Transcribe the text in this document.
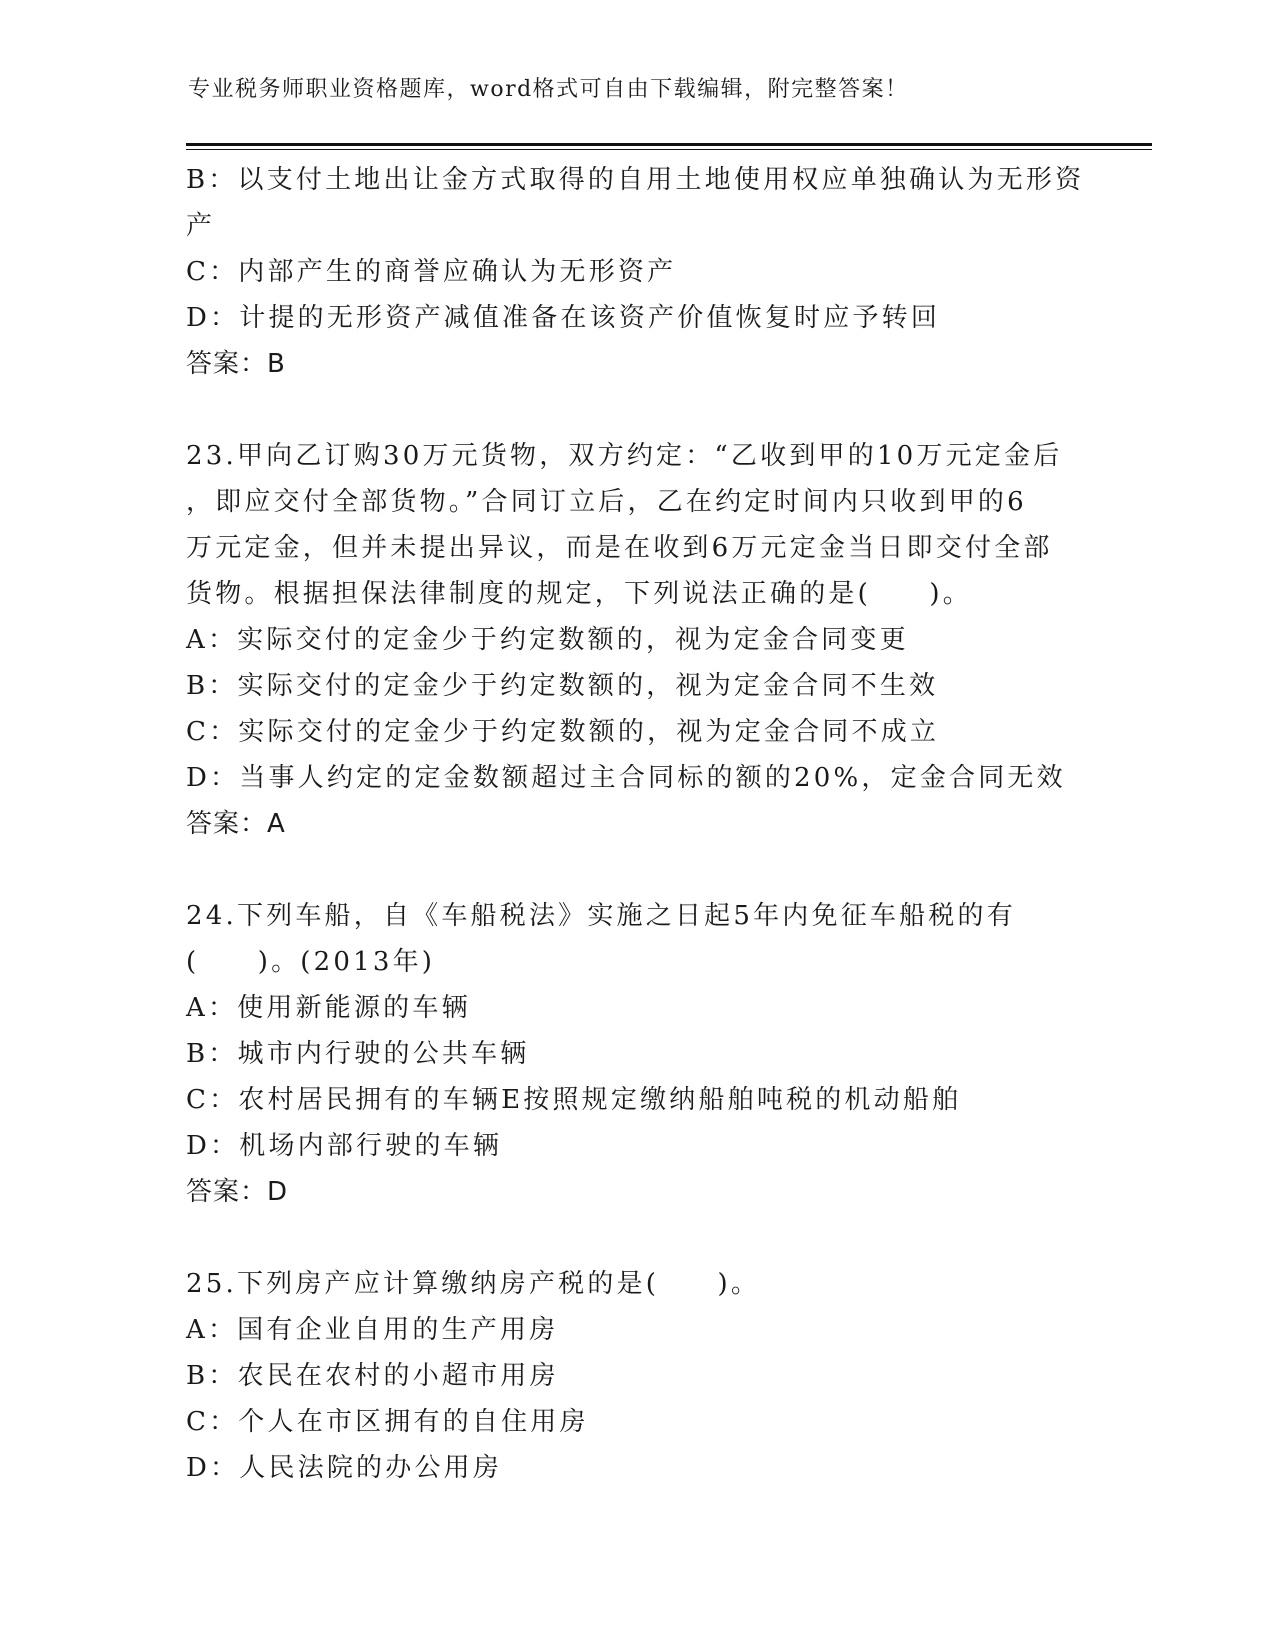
专业税务师职业资格题库，word格式可自由下载编辑，附完整答案！
B：以支付土地出让金方式取得的自用土地使用权应单独确认为无形资
产
C：内部产生的商誉应确认为无形资产
D：计提的无形资产减值准备在该资产价值恢复时应予转回
答案：B
23.甲向乙订购30万元货物，双方约定：“乙收到甲的10万元定金后
，即应交付全部货物。”合同订立后，乙在约定时间内只收到甲的6
万元定金，但并未提出异议，而是在收到6万元定金当日即交付全部
货物。根据担保法律制度的规定，下列说法正确的是(　　)。
A：实际交付的定金少于约定数额的，视为定金合同变更
B：实际交付的定金少于约定数额的，视为定金合同不生效
C：实际交付的定金少于约定数额的，视为定金合同不成立
D：当事人约定的定金数额超过主合同标的额的20%，定金合同无效
答案：A
24.下列车船，自《车船税法》实施之日起5年内免征车船税的有
(　　)。(2013年)
A：使用新能源的车辆
B：城市内行驶的公共车辆
C：农村居民拥有的车辆E按照规定缴纳船舶吨税的机动船舶
D：机场内部行驶的车辆
答案：D
25.下列房产应计算缴纳房产税的是(　　)。
A：国有企业自用的生产用房
B：农民在农村的小超市用房
C：个人在市区拥有的自住用房
D：人民法院的办公用房
